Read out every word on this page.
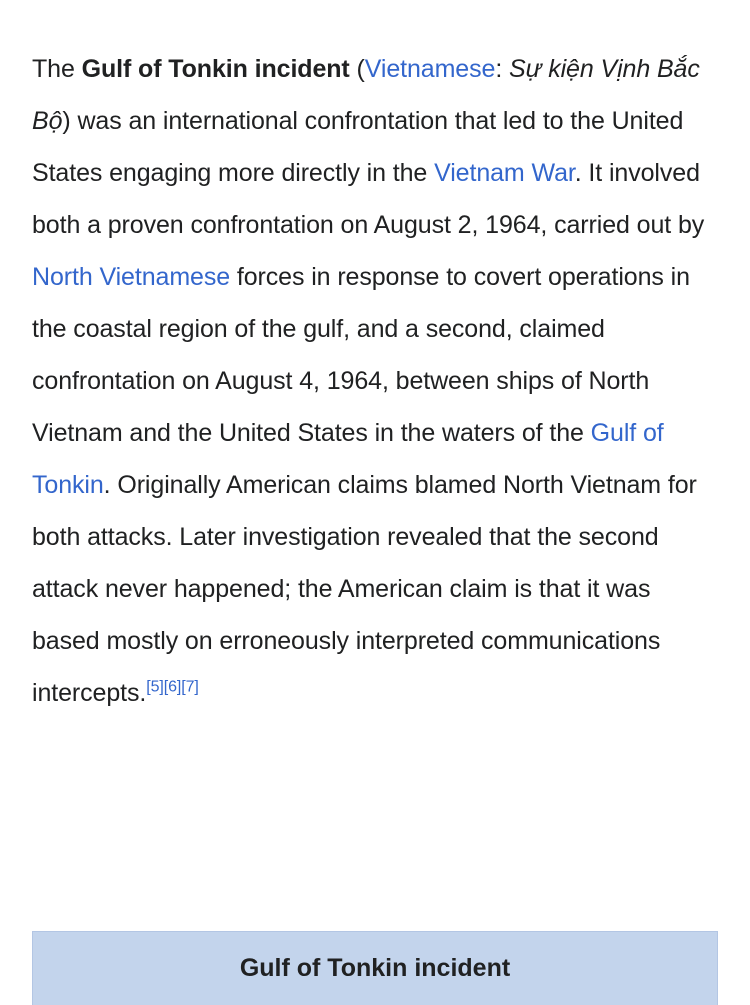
The Gulf of Tonkin incident (Vietnamese: Sự kiện Vịnh Bắc Bộ) was an international confrontation that led to the United States engaging more directly in the Vietnam War. It involved both a proven confrontation on August 2, 1964, carried out by North Vietnamese forces in response to covert operations in the coastal region of the gulf, and a second, claimed confrontation on August 4, 1964, between ships of North Vietnam and the United States in the waters of the Gulf of Tonkin. Originally American claims blamed North Vietnam for both attacks. Later investigation revealed that the second attack never happened; the American claim is that it was based mostly on erroneously interpreted communications intercepts.[5][6][7]

Gulf of Tonkin incident
